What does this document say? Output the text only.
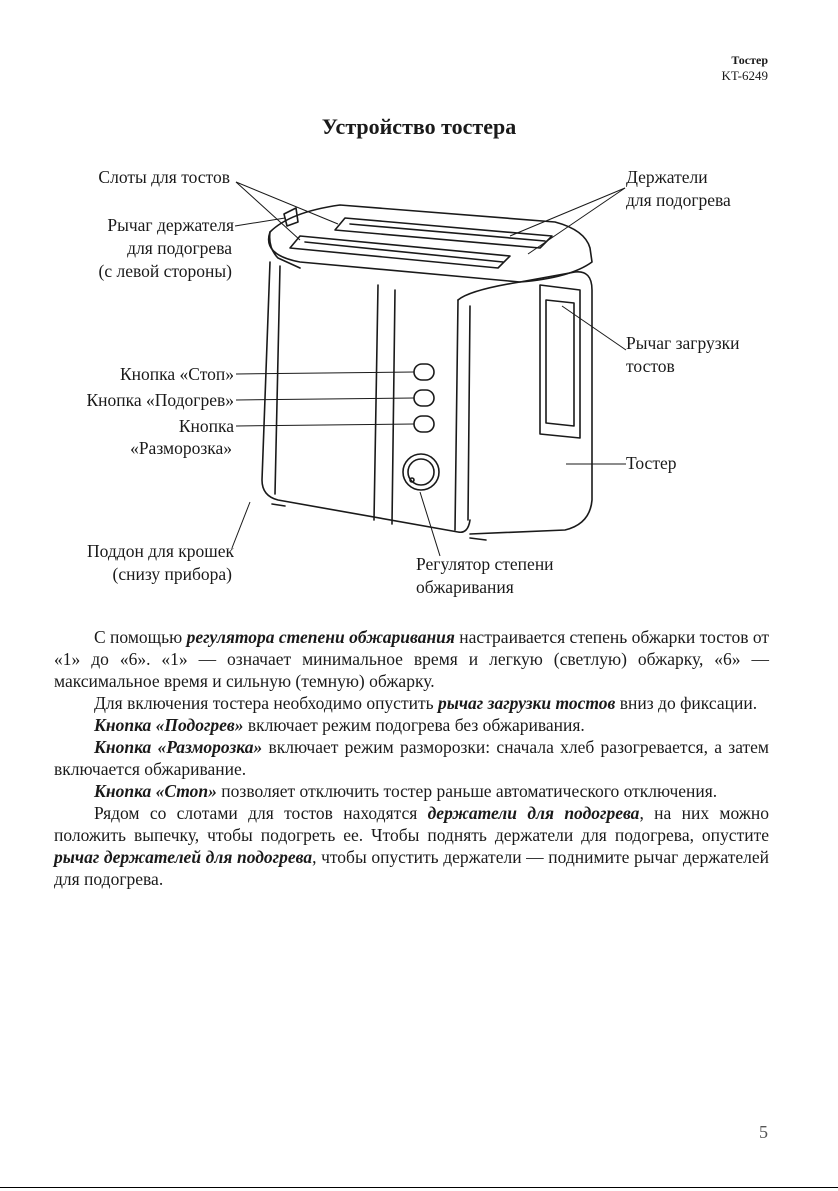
Тостер
KT-6249
Устройство тостера
Слоты для тостов
Рычаг держателя
для подогрева
(с левой стороны)
Держатели
для подогрева
Рычаг загрузки
тостов
Кнопка «Стоп»
Кнопка «Подогрев»
Кнопка
«Разморозка»
Тостер
Поддон для крошек
(снизу прибора)	Регулятор степени
обжаривания

С помощью регулятора степени обжаривания настраивается степень обжарки тостов от «1» до «6». «1» — означает минимальное время и легкую (светлую) обжарку, «6» — максимальное время и сильную (темную) обжарку.

Для включения тостера необходимо опустить рычаг загрузки тостов вниз до фиксации.

Кнопка «Подогрев» включает режим подогрева без обжаривания.

Кнопка «Разморозка» включает режим разморозки: сначала хлеб разогревается, а затем включается обжаривание.

Кнопка «Стоп» позволяет отключить тостер раньше автоматического отключения.

Рядом со слотами для тостов находятся держатели для подогрева, на них можно положить выпечку, чтобы подогреть ее. Чтобы поднять держатели для подогрева, опустите рычаг держателей для подогрева, чтобы опустить держатели — поднимите рычаг держателей для подогрева.

5
